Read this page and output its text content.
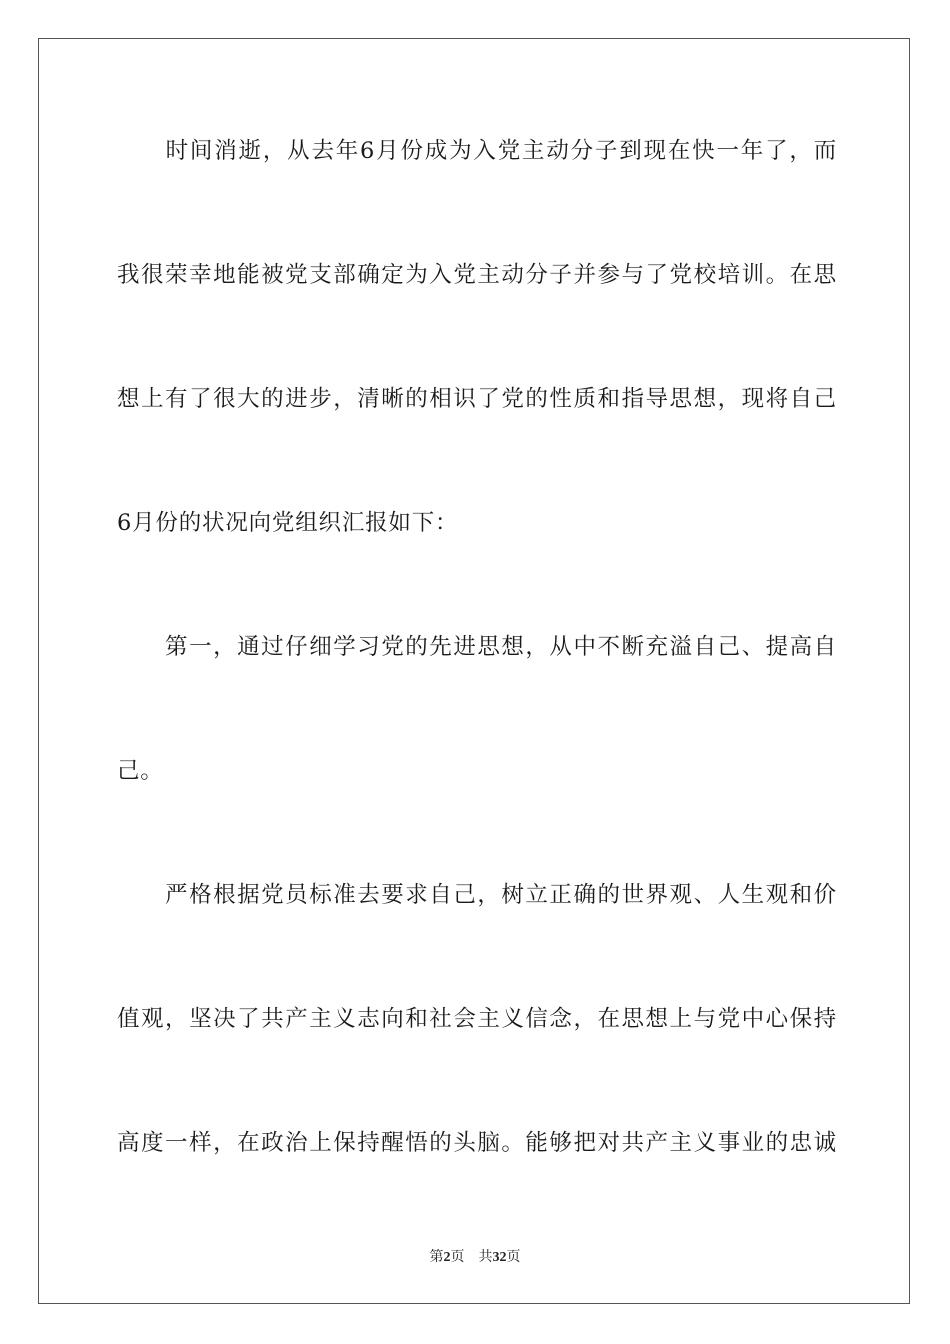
　　时间消逝，从去年6月份成为入党主动分子到现在快一年了，而
我很荣幸地能被党支部确定为入党主动分子并参与了党校培训。在思
想上有了很大的进步，清晰的相识了党的性质和指导思想，现将自己
6月份的状况向党组织汇报如下：
　　第一，通过仔细学习党的先进思想，从中不断充溢自己、提高自
己。
　　严格根据党员标准去要求自己，树立正确的世界观、人生观和价
值观，坚决了共产主义志向和社会主义信念，在思想上与党中心保持
高度一样，在政治上保持醒悟的头脑。能够把对共产主义事业的忠诚
第2页　共32页
